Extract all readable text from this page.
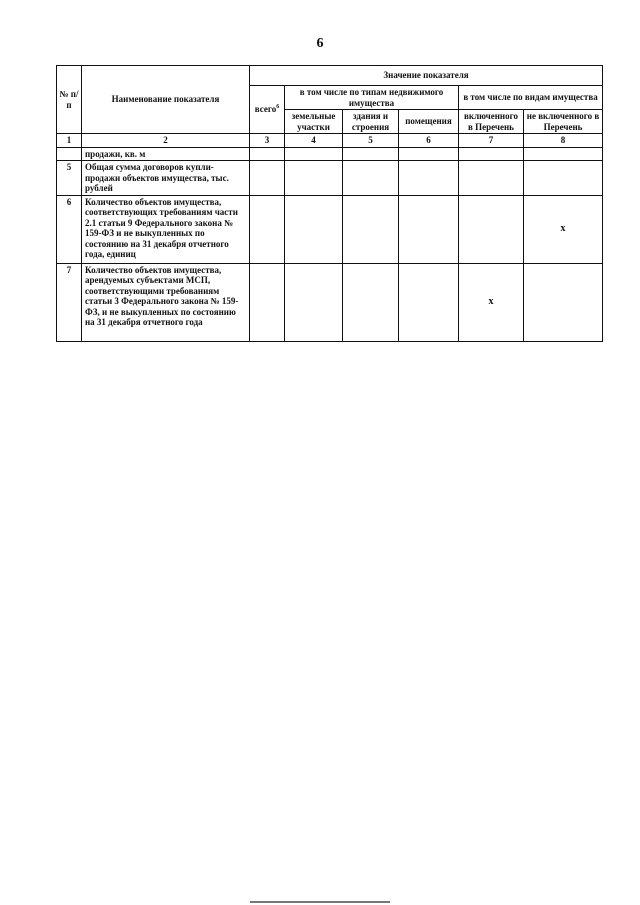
6
№ п/п	Наименование показателя	Значение показателя					
		всего$^6$	в том числе по типам недвижимого имущества			в том числе по видам имущества	
			земельные участки	здания и строения	помещения	включенного в Перечень	не включенного в Перечень
1	2	3	4	5	6	7	8
	продажи, кв. м						
5	Общая сумма договоров купли-продажи объектов имущества, тыс. рублей						
6	Количество объектов имущества, соответствующих требованиям части 2.1 статьи 9 Федерального закона № 159-ФЗ и не выкупленных по состоянию на 31 декабря отчетного года, единиц						x
7	Количество объектов имущества, арендуемых субъектами МСП, соответствующими требованиям статьи 3 Федерального закона № 159-ФЗ, и не выкупленных по состоянию на 31 декабря отчетного года					x	
